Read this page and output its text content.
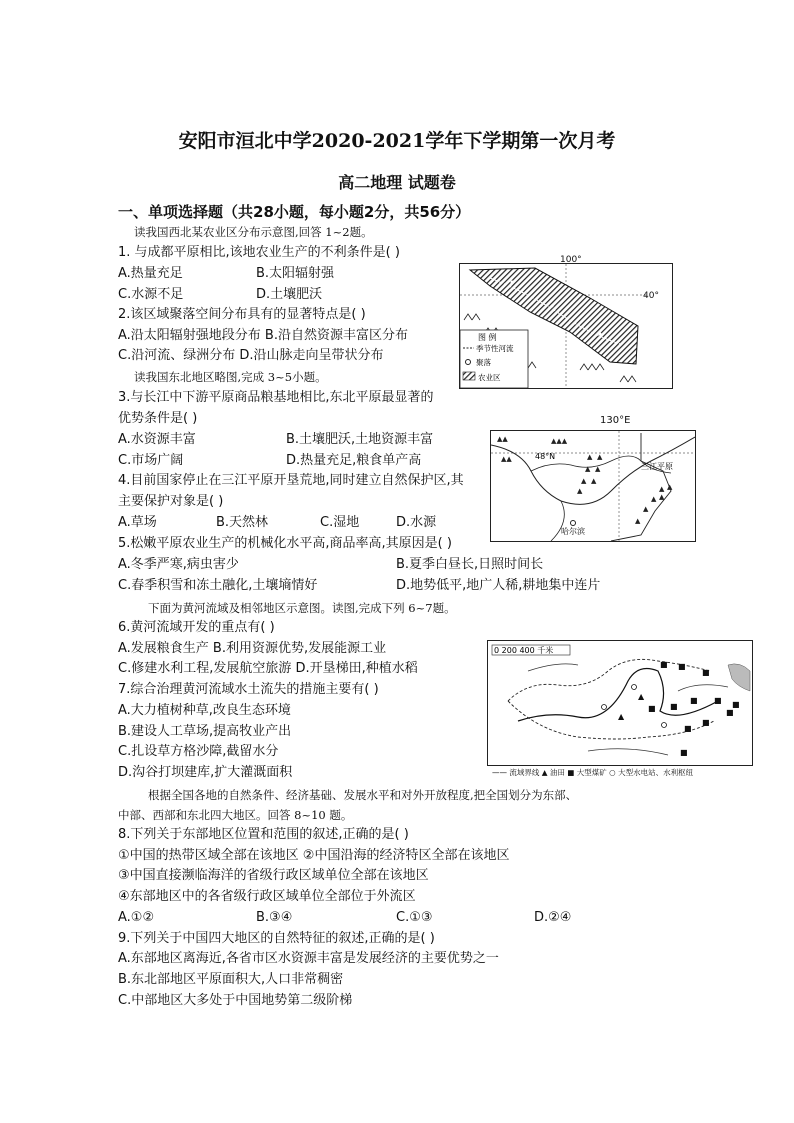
安阳市洹北中学2020-2021学年下学期第一次月考
高二地理 试题卷
一、单项选择题（共28小题，每小题2分，共56分）
读我国西北某农业区分布示意图,回答 1~2题。
1. 与成都平原相比,该地农业生产的不利条件是( )
A.热量充足	B.太阳辐射强
C.水源不足	D.土壤肥沃
2.该区域聚落空间分布具有的显著特点是( )
A.沿太阳辐射强地段分布 B.沿自然资源丰富区分布
C.沿河流、绿洲分布 D.沿山脉走向呈带状分布
图 例
季节性河流
聚落
农业区
100°
40°
读我国东北地区略图,完成 3~5小题。
3.与长江中下游平原商品粮基地相比,东北平原最显著的
优势条件是( )
A.水资源丰富	B.土壤肥沃,土地资源丰富
C.市场广阔	D.热量充足,粮食单产高
4.目前国家停止在三江平原开垦荒地,同时建立自然保护区,其
主要保护对象是( )
A.草场	B.天然林	C.湿地	D.水源
130°E
▲▲
▲▲
▲▲▲
▲
▲
▲
▲
▲
▲
▲
▲
▲
▲
▲
▲
▲
48°N
三江平原
哈尔滨
5.松嫩平原农业生产的机械化水平高,商品率高,其原因是( )
A.冬季严寒,病虫害少	B.夏季白昼长,日照时间长
C.春季积雪和冻土融化,土壤墒情好	D.地势低平,地广人稀,耕地集中连片
下面为黄河流域及相邻地区示意图。读图,完成下列 6~7题。
6.黄河流域开发的重点有( )
A.发展粮食生产 B.利用资源优势,发展能源工业
C.修建水利工程,发展航空旅游 D.开垦梯田,种植水稻
7.综合治理黄河流域水土流失的措施主要有( )
A.大力植树种草,改良生态环境
B.建设人工草场,提高牧业产出
C.扎设草方格沙障,截留水分
D.沟谷打坝建库,扩大灌溉面积
0 200 400 千米
■ ■
■
▲
▲
■ ■
■ ■
■
■
■
■
■
—— 流域界线 ▲ 油田 ■ 大型煤矿 ○ 大型水电站、水利枢纽
根据全国各地的自然条件、经济基础、发展水平和对外开放程度,把全国划分为东部、
中部、西部和东北四大地区。回答 8~10 题。
8.下列关于东部地区位置和范围的叙述,正确的是( )
①中国的热带区域全部在该地区 ②中国沿海的经济特区全部在该地区
③中国直接濒临海洋的省级行政区域单位全部在该地区
④东部地区中的各省级行政区域单位全部位于外流区
A.①②	B.③④	C.①③	D.②④
9.下列关于中国四大地区的自然特征的叙述,正确的是( )
A.东部地区离海近,各省市区水资源丰富是发展经济的主要优势之一
B.东北部地区平原面积大,人口非常稠密
C.中部地区大多处于中国地势第二级阶梯
